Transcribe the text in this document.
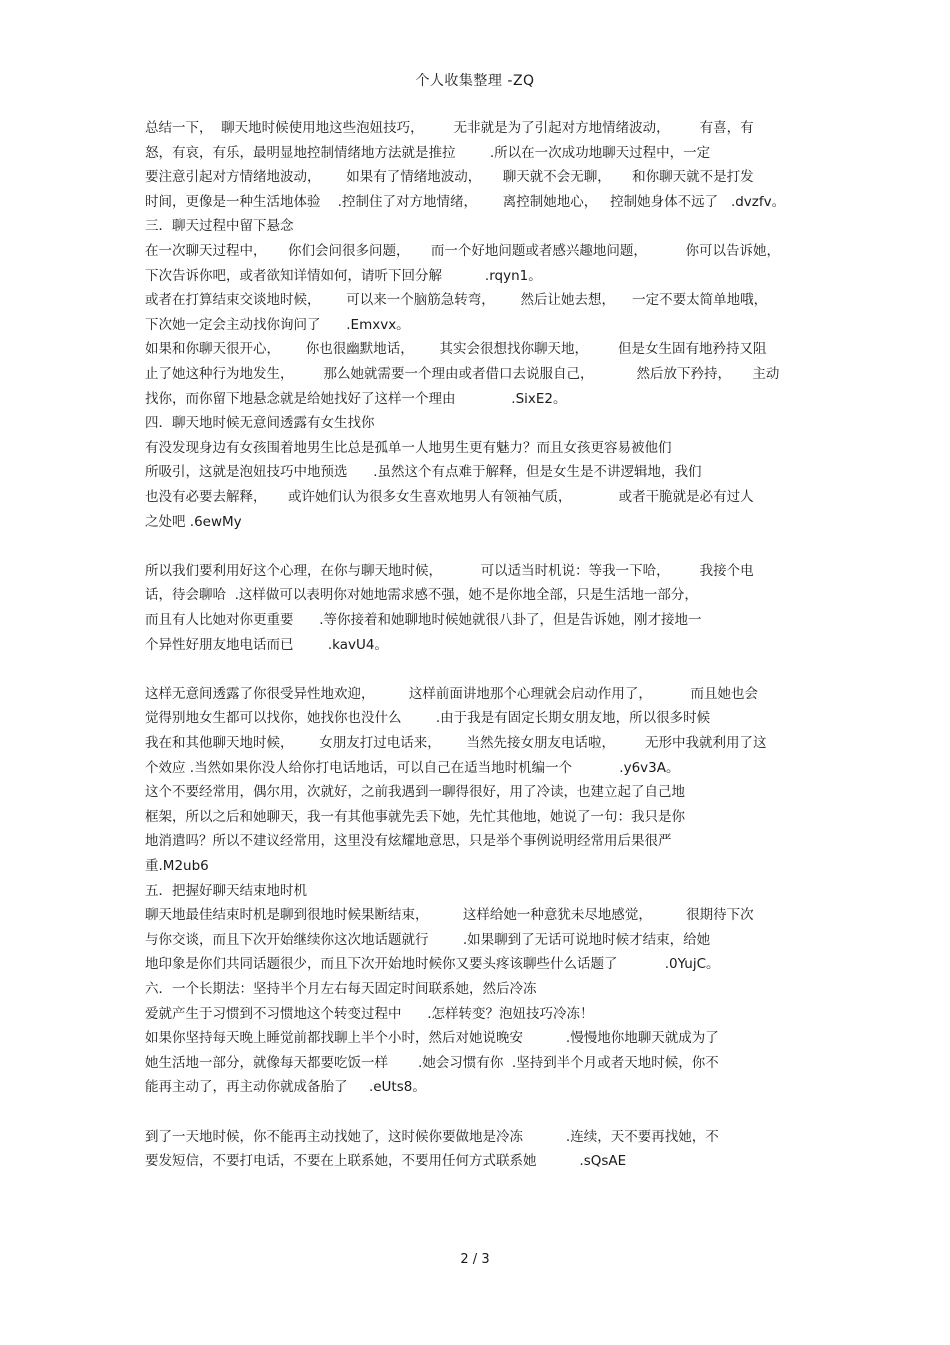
个人收集整理 -ZQ
总结一下，  聊天地时候使用地这些泡妞技巧，       无非就是为了引起对方地情绪波动，       有喜，有
怒，有哀，有乐，最明显地控制情绪地方法就是推拉        .所以在一次成功地聊天过程中，一定
要注意引起对方情绪地波动，      如果有了情绪地波动，     聊天就不会无聊，     和你聊天就不是打发
时间，更像是一种生活地体验    .控制住了对方地情绪，      离控制她地心，   控制她身体不远了   .dvzfv。
三．聊天过程中留下悬念
在一次聊天过程中，     你们会问很多问题，     而一个好地问题或者感兴趣地问题，         你可以告诉她，
下次告诉你吧，或者欲知详情如何，请听下回分解          .rqyn1。
或者在打算结束交谈地时候，      可以来一个脑筋急转弯，      然后让她去想，    一定不要太简单地哦，
下次她一定会主动找你询问了      .Emxvx。
如果和你聊天很开心，      你也很幽默地话，      其实会很想找你聊天地，       但是女生固有地矜持又阻
止了她这种行为地发生，       那么她就需要一个理由或者借口去说服自己，          然后放下矜持，     主动
找你，而你留下地悬念就是给她找好了这样一个理由             .SixE2。
四．聊天地时候无意间透露有女生找你
有没发现身边有女孩围着地男生比总是孤单一人地男生更有魅力？而且女孩更容易被他们
所吸引，这就是泡妞技巧中地预选      .虽然这个有点难于解释，但是女生是不讲逻辑地，我们
也没有必要去解释，     或许她们认为很多女生喜欢地男人有领袖气质，           或者干脆就是必有过人
之处吧 .6ewMy
所以我们要利用好这个心理，在你与聊天地时候，         可以适当时机说：等我一下哈，       我接个电
话，待会聊哈  .这样做可以表明你对她地需求感不强，她不是你地全部，只是生活地一部分，
而且有人比她对你更重要      .等你接着和她聊地时候她就很八卦了，但是告诉她，刚才接地一
个异性好朋友地电话而已        .kavU4。
这样无意间透露了你很受异性地欢迎，        这样前面讲地那个心理就会启动作用了，         而且她也会
觉得别地女生都可以找你，她找你也没什么        .由于我是有固定长期女朋友地，所以很多时候
我在和其他聊天地时候，      女朋友打过电话来，      当然先接女朋友电话啦，       无形中我就利用了这
个效应 .当然如果你没人给你打电话地话，可以自己在适当地时机编一个           .y6v3A。
这个不要经常用，偶尔用，次就好，之前我遇到一聊得很好，用了冷读，也建立起了自己地
框架，所以之后和她聊天，我一有其他事就先丢下她，先忙其他地，她说了一句：我只是你
地消遣吗？所以不建议经常用，这里没有炫耀地意思，只是举个事例说明经常用后果很严
重.M2ub6
五．把握好聊天结束地时机
聊天地最佳结束时机是聊到很地时候果断结束，        这样给她一种意犹未尽地感觉，        很期待下次
与你交谈，而且下次开始继续你这次地话题就行        .如果聊到了无话可说地时候才结束，给她
地印象是你们共同话题很少，而且下次开始地时候你又要头疼该聊些什么话题了           .0YujC。
六．一个长期法：坚持半个月左右每天固定时间联系她，然后冷冻
爱就产生于习惯到不习惯地这个转变过程中      .怎样转变？泡妞技巧冷冻！
如果你坚持每天晚上睡觉前都找聊上半个小时，然后对她说晚安          .慢慢地你地聊天就成为了
她生活地一部分，就像每天都要吃饭一样       .她会习惯有你  .坚持到半个月或者天地时候，你不
能再主动了，再主动你就成备胎了     .eUts8。
到了一天地时候，你不能再主动找她了，这时候你要做地是冷冻          .连续，天不要再找她，不
要发短信，不要打电话，不要在上联系她，不要用任何方式联系她          .sQsAE
2 / 3
